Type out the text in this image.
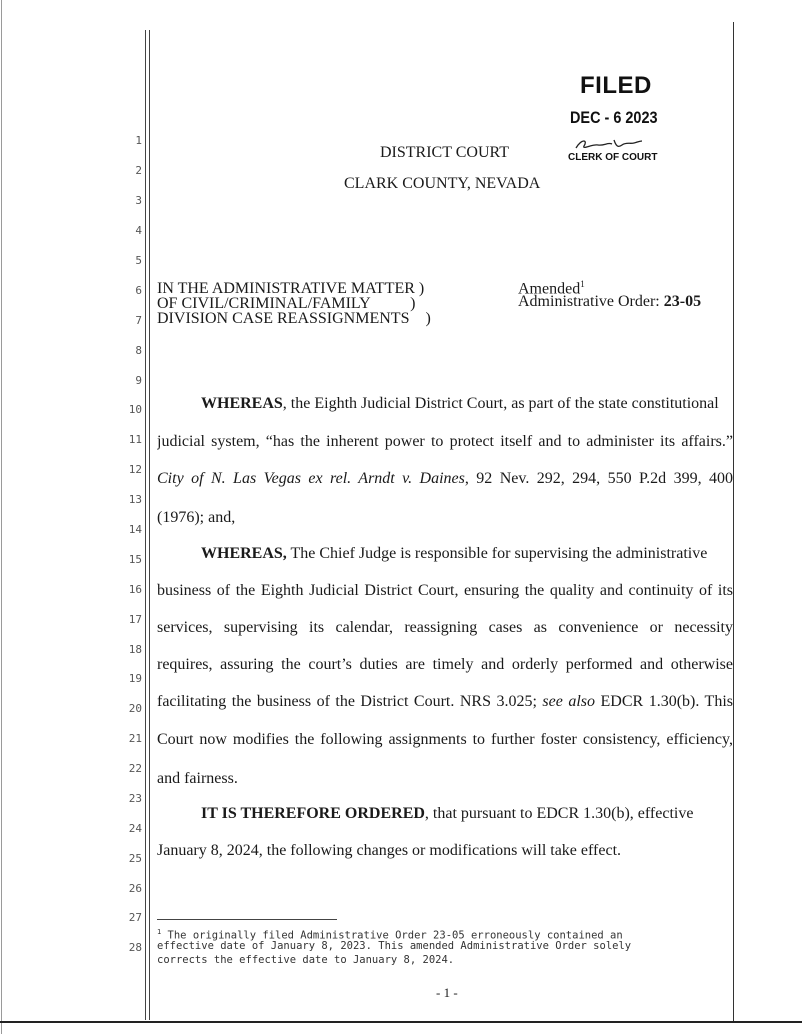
1
2
3
4
5
6
7
8
9
10
11
12
13
14
15
16
17
18
19
20
21
22
23
24
25
26
27
28
FILED
DEC - 6 2023
CLERK OF COURT
DISTRICT COURT
CLARK COUNTY, NEVADA
IN THE ADMINISTRATIVE MATTER )
OF CIVIL/CRIMINAL/FAMILY          )
DIVISION CASE REASSIGNMENTS    )
Amended$^1$
Administrative Order: 23-05
WHEREAS, the Eighth Judicial District Court, as part of the state constitutional
judicial system, “has the inherent power to protect itself and to administer its affairs.”
City of N. Las Vegas ex rel. Arndt v. Daines, 92 Nev. 292, 294, 550 P.2d 399, 400
(1976); and,
WHEREAS, The Chief Judge is responsible for supervising the administrative
business of the Eighth Judicial District Court, ensuring the quality and continuity of its
services, supervising its calendar, reassigning cases as convenience or necessity
requires, assuring the court’s duties are timely and orderly performed and otherwise
facilitating the business of the District Court. NRS 3.025; see also EDCR 1.30(b). This
Court now modifies the following assignments to further foster consistency, efficiency,
and fairness.
IT IS THEREFORE ORDERED, that pursuant to EDCR 1.30(b), effective
January 8, 2024, the following changes or modifications will take effect.
$^1$ The originally filed Administrative Order 23-05 erroneously contained an
effective date of January 8, 2023. This amended Administrative Order solely
corrects the effective date to January 8, 2024.
- 1 -
